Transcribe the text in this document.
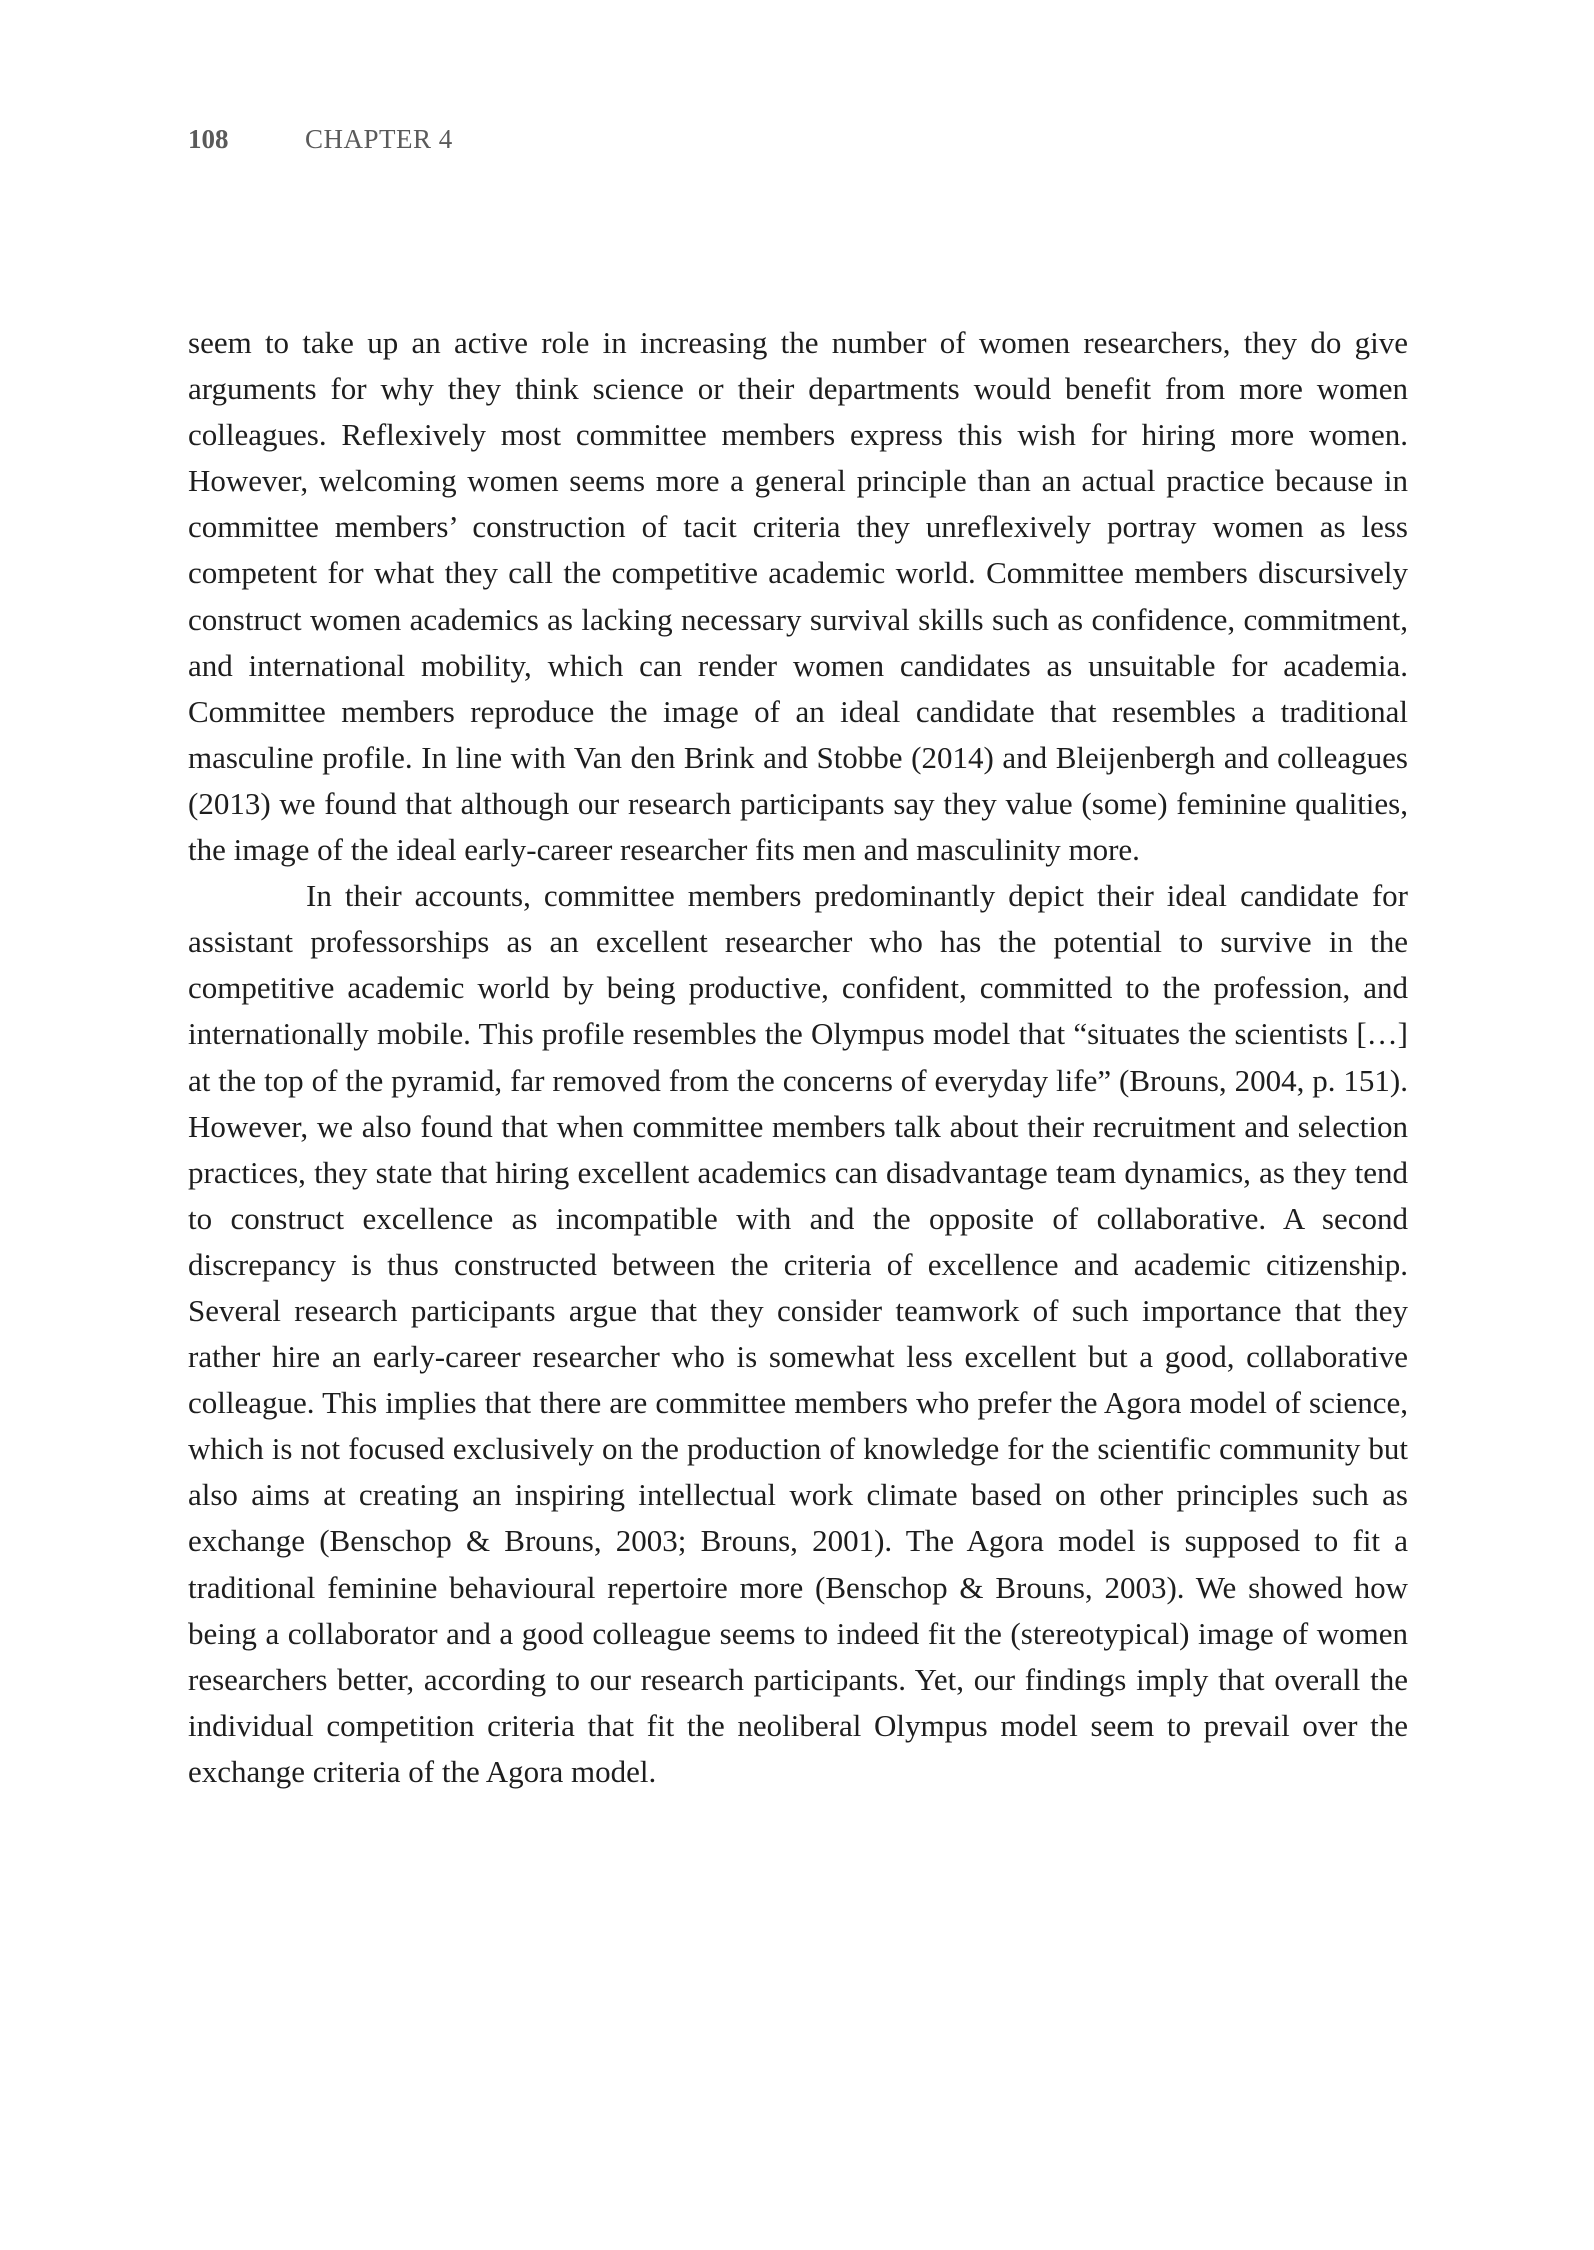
108	CHAPTER 4

seem to take up an active role in increasing the number of women researchers, they do give arguments for why they think science or their departments would benefit from more women colleagues. Reflexively most committee members express this wish for hiring more women. However, welcoming women seems more a general principle than an actual practice because in committee members’ construction of tacit criteria they unreflexively portray women as less competent for what they call the competitive academic world. Committee members discursively construct women academics as lacking necessary survival skills such as confidence, commitment, and international mobility, which can render women candidates as unsuitable for academia. Committee members reproduce the image of an ideal candidate that resembles a traditional masculine profile. In line with Van den Brink and Stobbe (2014) and Bleijenbergh and colleagues (2013) we found that although our research participants say they value (some) feminine qualities, the image of the ideal early-career researcher fits men and masculinity more.

In their accounts, committee members predominantly depict their ideal candidate for assistant professorships as an excellent researcher who has the potential to survive in the competitive academic world by being productive, confident, committed to the profession, and internationally mobile. This profile resembles the Olympus model that “situates the scientists […] at the top of the pyramid, far removed from the concerns of everyday life” (Brouns, 2004, p. 151). However, we also found that when committee members talk about their recruitment and selection practices, they state that hiring excellent academics can disadvantage team dynamics, as they tend to construct excellence as incompatible with and the opposite of collaborative. A second discrepancy is thus constructed between the criteria of excellence and academic citizenship. Several research participants argue that they consider teamwork of such importance that they rather hire an early-career researcher who is somewhat less excellent but a good, collaborative colleague. This implies that there are committee members who prefer the Agora model of science, which is not focused exclusively on the production of knowledge for the scientific community but also aims at creating an inspiring intellectual work climate based on other principles such as exchange (Benschop & Brouns, 2003; Brouns, 2001). The Agora model is supposed to fit a traditional feminine behavioural repertoire more (Benschop & Brouns, 2003). We showed how being a collaborator and a good colleague seems to indeed fit the (stereotypical) image of women researchers better, according to our research participants. Yet, our findings imply that overall the individual competition criteria that fit the neoliberal Olympus model seem to prevail over the exchange criteria of the Agora model.
